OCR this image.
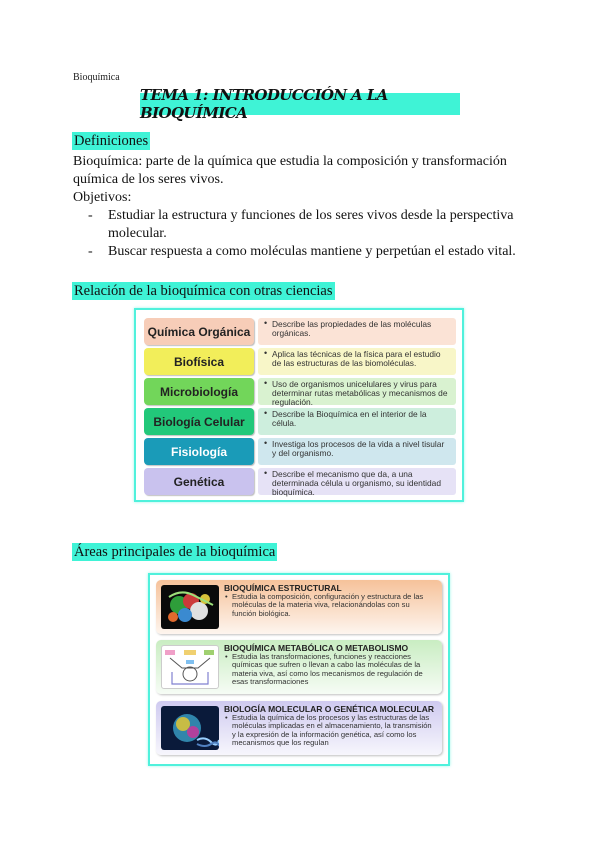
Bioquímica
TEMA 1: INTRODUCCIÓN A LA BIOQUÍMICA
Definiciones
Bioquímica: parte de la química que estudia la composición y transformación química de los seres vivos.
Objetivos:
- Estudiar la estructura y funciones de los seres vivos desde la perspectiva molecular.
- Buscar respuesta a como moléculas mantiene y perpetúan el estado vital.
Relación de la bioquímica con otras ciencias
Química Orgánica
• Describe las propiedades de las moléculas orgánicas.
Biofísica
• Aplica las técnicas de la física para el estudio de las estructuras de las biomoléculas.
Microbiología
• Uso de organismos unicelulares y virus para determinar rutas metabólicas y mecanismos de regulación.
Biología Celular
• Describe la Bioquímica en el interior de la célula.
Fisiología
• Investiga los procesos de la vida a nivel tisular y del organismo.
Genética
• Describe el mecanismo que da, a una determinada célula u organismo, su identidad bioquímica.
Áreas principales de la bioquímica
BIOQUÍMICA ESTRUCTURAL
• Estudia la composición, configuración y estructura de las moléculas de la materia viva, relacionándolas con su función biológica.
BIOQUÍMICA METABÓLICA O METABOLISMO
• Estudia las transformaciones, funciones y reacciones químicas que sufren o llevan a cabo las moléculas de la materia viva, así como los mecanismos de regulación de esas transformaciones
BIOLOGÍA MOLECULAR O GENÉTICA MOLECULAR
• Estudia la química de los procesos y las estructuras de las moléculas implicadas en el almacenamiento, la transmisión y la expresión de la información genética, así como los mecanismos que los regulan
